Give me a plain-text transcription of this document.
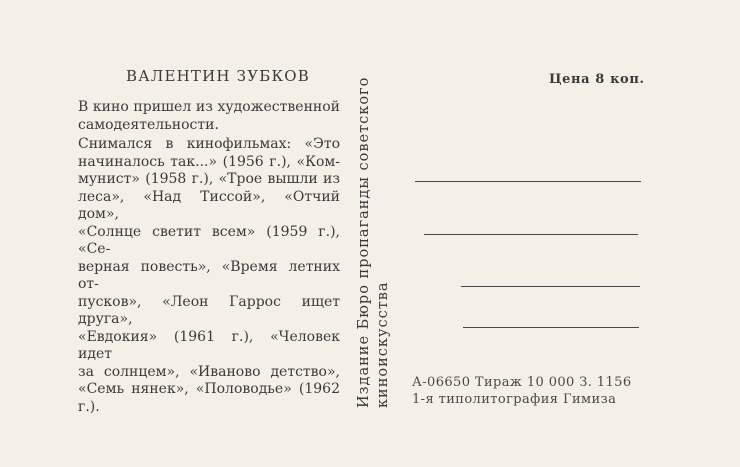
ВАЛЕНТИН ЗУБКОВ
В кино пришел из художественной
самодеятельности.
Снимался в кинофильмах: «Это
начиналось так...» (1956 г.), «Ком-
мунист» (1958 г.), «Трое вышли из
леса», «Над Тиссой», «Отчий дом»,
«Солнце светит всем» (1959 г.), «Се-
верная повесть», «Время летних от-
пусков», «Леон Гаррос ищет друга»,
«Евдокия» (1961 г.), «Человек идет
за солнцем», «Иваново детство»,
«Семь нянек», «Половодье» (1962 г.).	Издание Бюро пропаганды советского киноискусства
Цена 8 коп.
А-06650 Тираж 10 000 З. 1156
1-я типолитография Гимиза
